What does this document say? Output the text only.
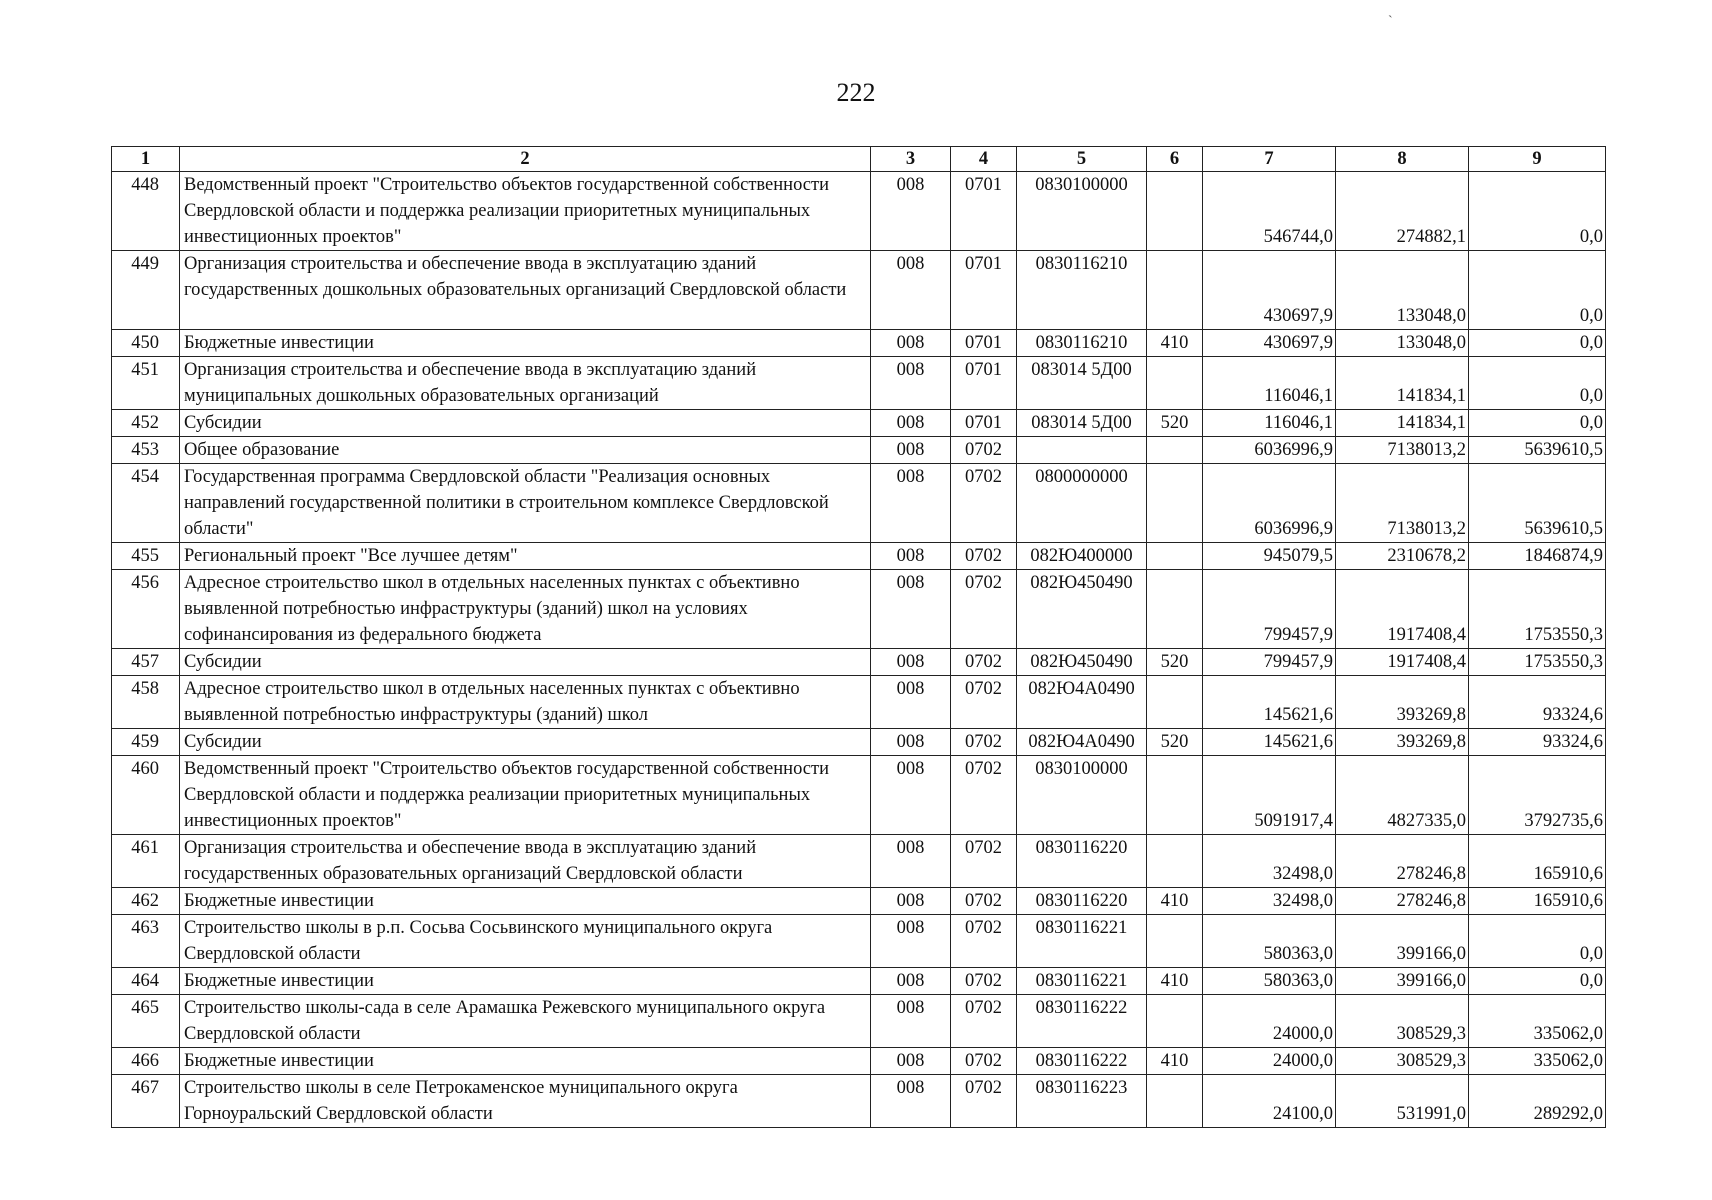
222
1	2	3	4	5	6	7	8	9
448	Ведомственный проект "Строительство объектов государственной собственности Свердловской области и поддержка реализации приоритетных муниципальных инвестиционных проектов"	008	0701	0830100000		546744,0	274882,1	0,0
449	Организация строительства и обеспечение ввода в эксплуатацию зданий государственных дошкольных образовательных организаций Свердловской области	008	0701	0830116210		430697,9	133048,0	0,0
450	Бюджетные инвестиции	008	0701	0830116210	410	430697,9	133048,0	0,0
451	Организация строительства и обеспечение ввода в эксплуатацию зданий муниципальных дошкольных образовательных организаций	008	0701	083014 5Д00		116046,1	141834,1	0,0
452	Субсидии	008	0701	083014 5Д00	520	116046,1	141834,1	0,0
453	Общее образование	008	0702			6036996,9	7138013,2	5639610,5
454	Государственная программа Свердловской области "Реализация основных направлений государственной политики в строительном комплексе Свердловской области"	008	0702	0800000000		6036996,9	7138013,2	5639610,5
455	Региональный проект "Все лучшее детям"	008	0702	082Ю400000		945079,5	2310678,2	1846874,9
456	Адресное строительство школ в отдельных населенных пунктах с объективно выявленной потребностью инфраструктуры (зданий) школ на условиях софинансирования из федерального бюджета	008	0702	082Ю450490		799457,9	1917408,4	1753550,3
457	Субсидии	008	0702	082Ю450490	520	799457,9	1917408,4	1753550,3
458	Адресное строительство школ в отдельных населенных пунктах с объективно выявленной потребностью инфраструктуры (зданий) школ	008	0702	082Ю4А0490		145621,6	393269,8	93324,6
459	Субсидии	008	0702	082Ю4А0490	520	145621,6	393269,8	93324,6
460	Ведомственный проект "Строительство объектов государственной собственности Свердловской области и поддержка реализации приоритетных муниципальных инвестиционных проектов"	008	0702	0830100000		5091917,4	4827335,0	3792735,6
461	Организация строительства и обеспечение ввода в эксплуатацию зданий государственных образовательных организаций Свердловской области	008	0702	0830116220		32498,0	278246,8	165910,6
462	Бюджетные инвестиции	008	0702	0830116220	410	32498,0	278246,8	165910,6
463	Строительство школы в р.п. Сосьва Сосьвинского муниципального округа Свердловской области	008	0702	0830116221		580363,0	399166,0	0,0
464	Бюджетные инвестиции	008	0702	0830116221	410	580363,0	399166,0	0,0
465	Строительство школы-сада в селе Арамашка Режевского муниципального округа Свердловской области	008	0702	0830116222		24000,0	308529,3	335062,0
466	Бюджетные инвестиции	008	0702	0830116222	410	24000,0	308529,3	335062,0
467	Строительство школы в селе Петрокаменское муниципального округа Горноуральский Свердловской области	008	0702	0830116223		24100,0	531991,0	289292,0
`
